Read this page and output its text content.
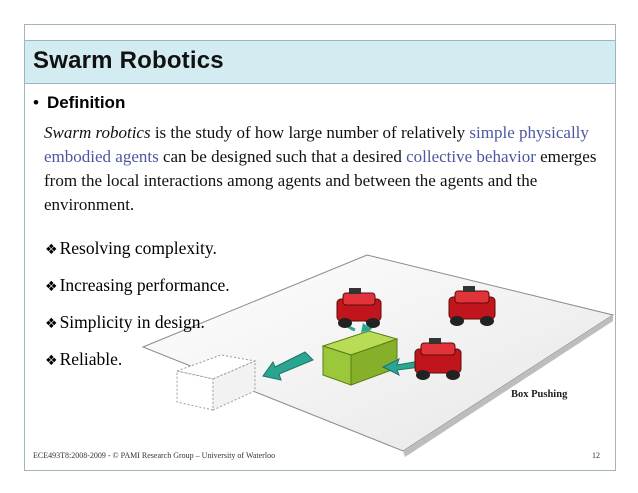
Swarm Robotics
• Definition
Swarm robotics is the study of how large number of relatively simple physically embodied agents can be designed such that a desired collective behavior emerges from the local interactions among agents and between the agents and the environment.
❖ Resolving complexity.
❖ Increasing performance.
❖ Simplicity in design.
❖ Reliable.
Box Pushing
ECE493T8:2008-2009 - © PAMI Research Group – University of Waterloo	12
